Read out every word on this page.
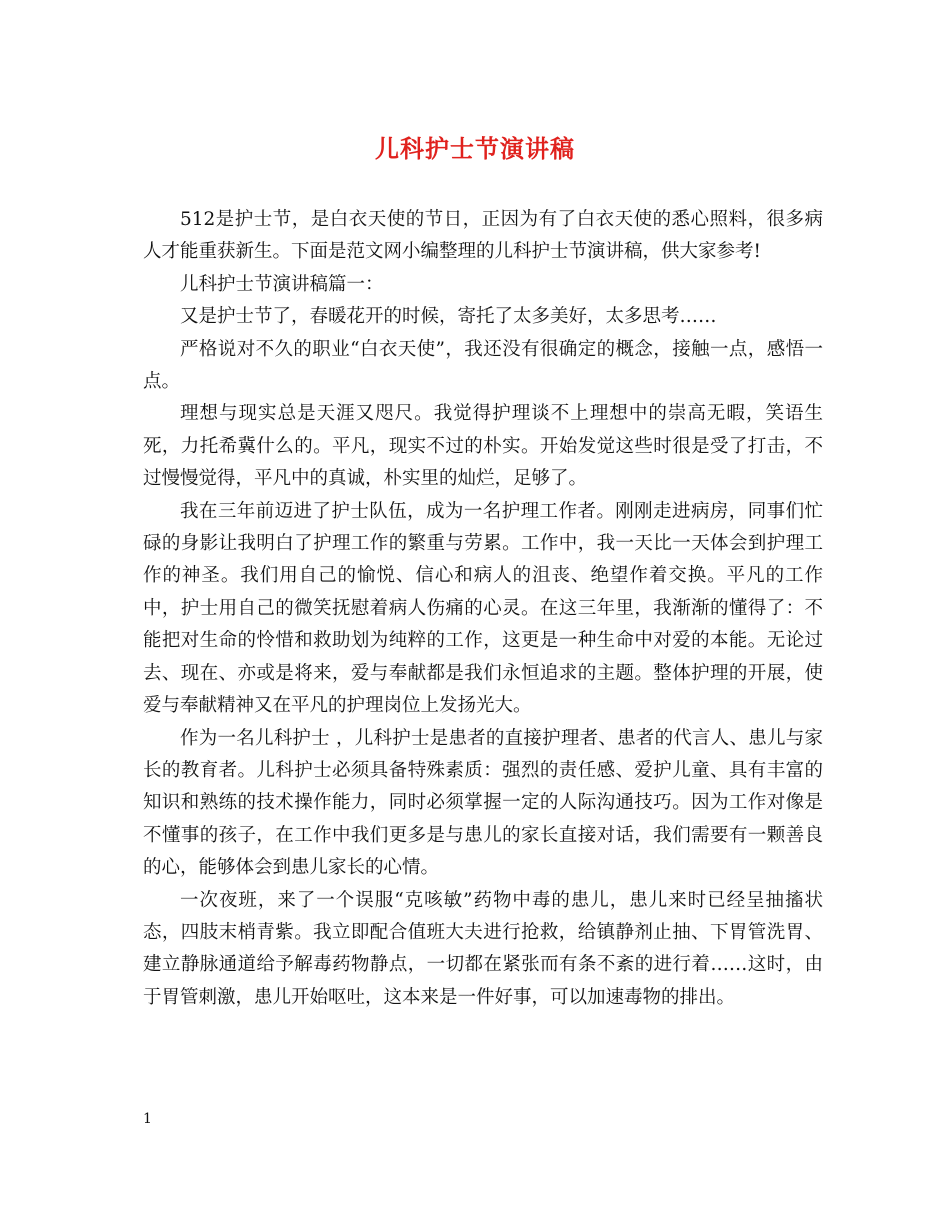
儿科护士节演讲稿

512是护士节，是白衣天使的节日，正因为有了白衣天使的悉心照料，很多病人才能重获新生。下面是范文网小编整理的儿科护士节演讲稿，供大家参考!

儿科护士节演讲稿篇一：

又是护士节了，春暖花开的时候，寄托了太多美好，太多思考……

严格说对不久的职业“白衣天使”，我还没有很确定的概念，接触一点，感悟一点。

理想与现实总是天涯又咫尺。我觉得护理谈不上理想中的崇高无暇，笑语生死，力托希冀什么的。平凡，现实不过的朴实。开始发觉这些时很是受了打击，不过慢慢觉得，平凡中的真诚，朴实里的灿烂，足够了。

我在三年前迈进了护士队伍，成为一名护理工作者。刚刚走进病房，同事们忙碌的身影让我明白了护理工作的繁重与劳累。工作中，我一天比一天体会到护理工作的神圣。我们用自己的愉悦、信心和病人的沮丧、绝望作着交换。平凡的工作中，护士用自己的微笑抚慰着病人伤痛的心灵。在这三年里，我渐渐的懂得了：不能把对生命的怜惜和救助划为纯粹的工作，这更是一种生命中对爱的本能。无论过去、现在、亦或是将来，爱与奉献都是我们永恒追求的主题。整体护理的开展，使爱与奉献精神又在平凡的护理岗位上发扬光大。

作为一名儿科护士 ，儿科护士是患者的直接护理者、患者的代言人、患儿与家长的教育者。儿科护士必须具备特殊素质：强烈的责任感、爱护儿童、具有丰富的知识和熟练的技术操作能力，同时必须掌握一定的人际沟通技巧。因为工作对像是不懂事的孩子，在工作中我们更多是与患儿的家长直接对话，我们需要有一颗善良的心，能够体会到患儿家长的心情。

一次夜班，来了一个误服“克咳敏”药物中毒的患儿，患儿来时已经呈抽搐状态，四肢末梢青紫。我立即配合值班大夫进行抢救，给镇静剂止抽、下胃管洗胃、建立静脉通道给予解毒药物静点，一切都在紧张而有条不紊的进行着……这时，由于胃管刺激，患儿开始呕吐，这本来是一件好事，可以加速毒物的排出。

1
